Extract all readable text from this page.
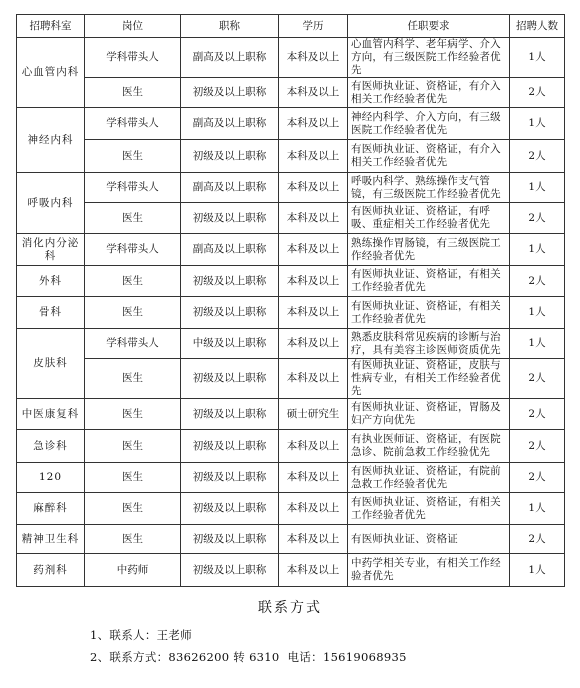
招聘科室	岗位	职称	学历	任职要求	招聘人数
心血管内科	学科带头人	副高及以上职称	本科及以上	心血管内科学、老年病学、介入方向，有三级医院工作经验者优先	1人
	医生	初级及以上职称	本科及以上	有医师执业证、资格证，有介入相关工作经验者优先	2人
神经内科	学科带头人	副高及以上职称	本科及以上	神经内科学、介入方向，有三级医院工作经验者优先	1人
	医生	初级及以上职称	本科及以上	有医师执业证、资格证，有介入相关工作经验者优先	2人
呼吸内科	学科带头人	副高及以上职称	本科及以上	呼吸内科学、熟练操作支气管镜，有三级医院工作经验者优先	1人
	医生	初级及以上职称	本科及以上	有医师执业证、资格证，有呼吸、重症相关工作经验者优先	2人
消化内分泌科	学科带头人	副高及以上职称	本科及以上	熟练操作胃肠镜，有三级医院工作经验者优先	1人
外科	医生	初级及以上职称	本科及以上	有医师执业证、资格证，有相关工作经验者优先	2人
骨科	医生	初级及以上职称	本科及以上	有医师执业证、资格证，有相关工作经验者优先	1人
皮肤科	学科带头人	中级及以上职称	本科及以上	熟悉皮肤科常见疾病的诊断与治疗，具有美容主诊医师资质优先	1人
	医生	初级及以上职称	本科及以上	有医师执业证、资格证，皮肤与性病专业，有相关工作经验者优先	2人
中医康复科	医生	初级及以上职称	硕士研究生	有医师执业证、资格证，胃肠及妇产方向优先	2人
急诊科	医生	初级及以上职称	本科及以上	有执业医师证、资格证，有医院急诊、院前急救工作经验优先	2人
120	医生	初级及以上职称	本科及以上	有医师执业证、资格证，有院前急救工作经验者优先	2人
麻醉科	医生	初级及以上职称	本科及以上	有医师执业证、资格证，有相关工作经验者优先	1人
精神卫生科	医生	初级及以上职称	本科及以上	有医师执业证、资格证	2人
药剂科	中药师	初级及以上职称	本科及以上	中药学相关专业，有相关工作经验者优先	1人
联系方式
1、联系人：王老师
2、联系方式：83626200 转 6310 电话：15619068935
